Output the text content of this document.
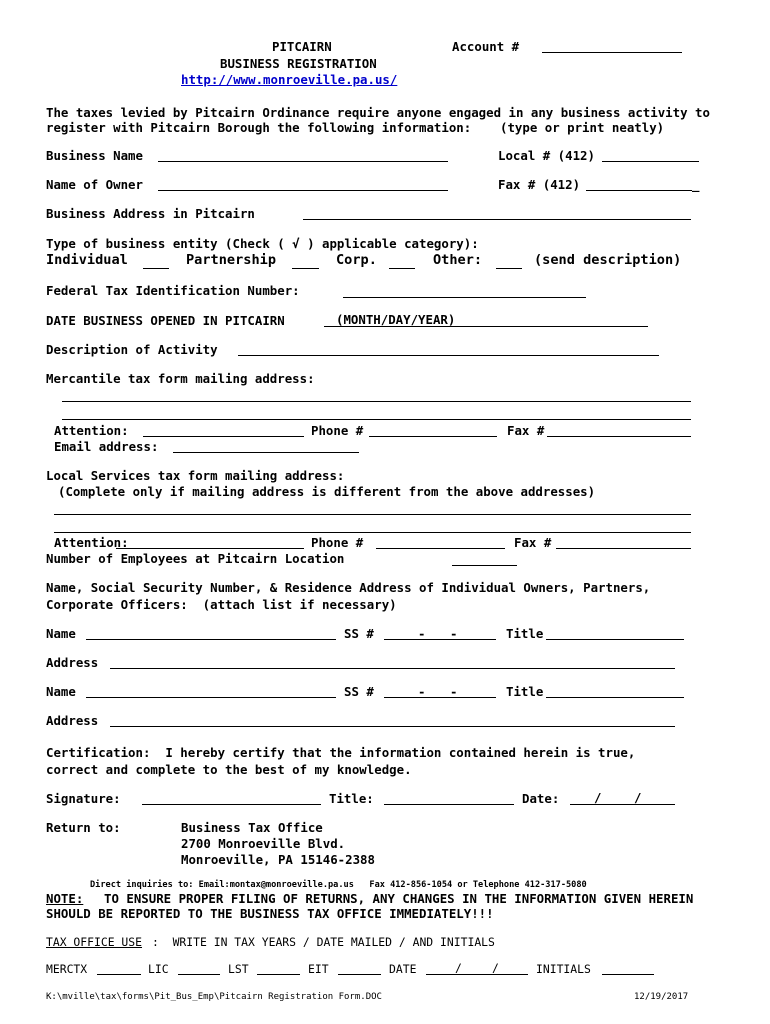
PITCAIRN	Account #
BUSINESS REGISTRATION
http://www.monroeville.pa.us/
The taxes levied by Pitcairn Ordinance require anyone engaged in any business activity to
register with Pitcairn Borough the following information: (type or print neatly)
Business Name	Local # (412)
Name of Owner	Fax # (412)	_
Business Address in Pitcairn
Type of business entity (Check ( √ ) applicable category):
Individual	Partnership	Corp.	Other:	(send description)
Federal Tax Identification Number:
DATE BUSINESS OPENED IN PITCAIRN	(MONTH/DAY/YEAR)
Description of Activity
Mercantile tax form mailing address:
Attention:	Phone #	Fax #
Email address:
Local Services tax form mailing address:
(Complete only if mailing address is different from the above addresses)
Attention:	Phone #	Fax #
Number of Employees at Pitcairn Location
Name, Social Security Number, & Residence Address of Individual Owners, Partners,
Corporate Officers:  (attach list if necessary)
Name	SS #	- -	Title
Address
Name	SS #	- -	Title
Address
Certification:  I hereby certify that the information contained herein is true,
correct and complete to the best of my knowledge.
Signature:	Title:	Date:	/	/
Return to:	Business Tax Office
2700 Monroeville Blvd.
Monroeville, PA 15146-2388
Direct inquiries to: Email:montax@monroeville.pa.us   Fax 412-856-1054 or Telephone 412-317-5080
NOTE: TO ENSURE PROPER FILING OF RETURNS, ANY CHANGES IN THE INFORMATION GIVEN HEREIN
SHOULD BE REPORTED TO THE BUSINESS TAX OFFICE IMMEDIATELY!!!
TAX OFFICE USE :  WRITE IN TAX YEARS / DATE MAILED / AND INITIALS
MERCTX	LIC	LST	EIT	DATE	/	/	INITIALS
K:\mville\tax\forms\Pit_Bus_Emp\Pitcairn Registration Form.DOC	12/19/2017
